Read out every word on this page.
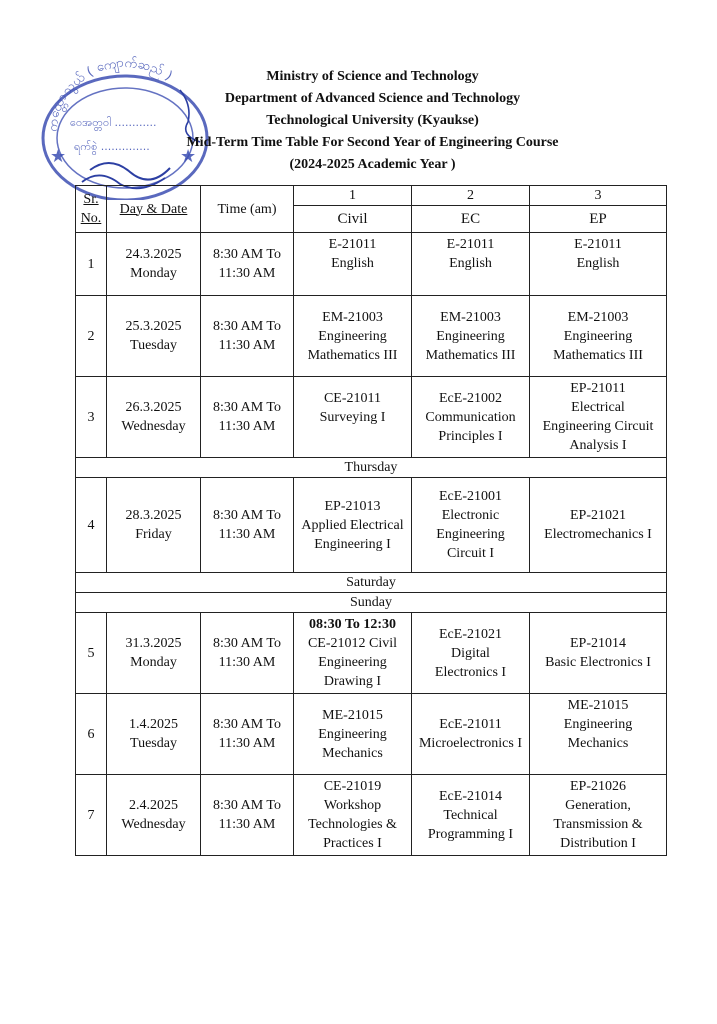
ကထ္တောသွယ် ( ကျောက်ဆည် )
ဝေအတ္တဝါ ............
ရက်စွဲ ..............
★	★
Ministry of Science and Technology
Department of Advanced Science and Technology
Technological University (Kyaukse)
Mid-Term Time Table For Second Year of Engineering Course
(2024-2025 Academic Year )
Sr. No.	Day & Date	Time (am)	1	2	3
			Civil	EC	EP
1	24.3.2025
Monday	8:30 AM To
11:30 AM	E-21011
English	E-21011
English	E-21011
English

2	25.3.2025
Tuesday	8:30 AM To
11:30 AM	EM-21003
Engineering
Mathematics III	EM-21003
Engineering
Mathematics III	EM-21003
Engineering
Mathematics III

3	26.3.2025
Wednesday	8:30 AM To
11:30 AM	CE-21011
Surveying I	EcE-21002
Communication
Principles I	EP-21011
Electrical
Engineering Circuit
Analysis I

Thursday					
4	28.3.2025
Friday	8:30 AM To
11:30 AM	EP-21013
Applied Electrical
Engineering I	EcE-21001
Electronic
Engineering
Circuit I	EP-21021
Electromechanics I

Saturday					
Sunday					
5	31.3.2025
Monday	8:30 AM To
11:30 AM	08:30 To 12:30
CE-21012 Civil
Engineering
Drawing I	EcE-21021
Digital
Electronics I	EP-21014
Basic Electronics I

6	1.4.2025
Tuesday	8:30 AM To
11:30 AM	ME-21015
Engineering
Mechanics	EcE-21011
Microelectronics I	ME-21015
Engineering
Mechanics

7	2.4.2025
Wednesday	8:30 AM To
11:30 AM	CE-21019
Workshop
Technologies &
Practices I	EcE-21014
Technical
Programming I	EP-21026
Generation,
Transmission &
Distribution I
